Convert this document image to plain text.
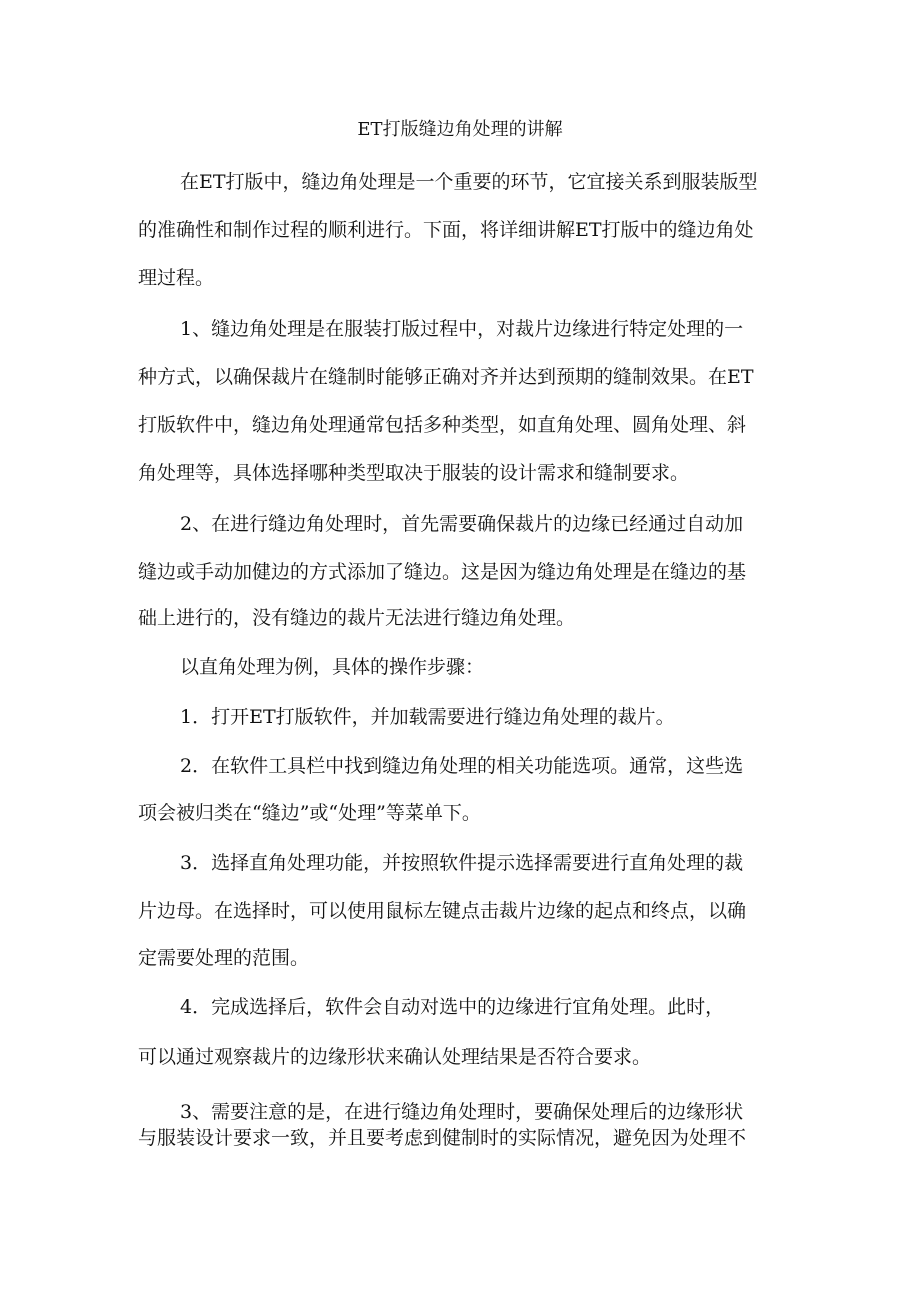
ET打版缝边角处理的讲解

在ET打版中，缝边角处理是一个重要的环节，它宜接关系到服装版型

的准确性和制作过程的顺利进行。下面，将详细讲解ET打版中的缝边角处

理过程。

1、缝边角处理是在服装打版过程中，对裁片边缘进行特定处理的一

种方式，以确保裁片在缝制时能够正确对齐并达到预期的缝制效果。在ET

打版软件中，缝边角处理通常包括多种类型，如直角处理、圆角处理、斜

角处理等，具体选择哪种类型取决于服装的设计需求和缝制要求。

2、在进行缝边角处理时，首先需要确保裁片的边缘已经通过自动加

缝边或手动加健边的方式添加了缝边。这是因为缝边角处理是在缝边的基

础上进行的，没有缝边的裁片无法进行缝边角处理。

以直角处理为例，具体的操作步骤：

1．打开ET打版软件，并加载需要进行缝边角处理的裁片。

2．在软件工具栏中找到缝边角处理的相关功能选项。通常，这些选

项会被归类在“缝边”或“处理”等菜单下。

3．选择直角处理功能，并按照软件提示选择需要进行直角处理的裁

片边母。在选择时，可以使用鼠标左键点击裁片边缘的起点和终点，以确

定需要处理的范围。

4．完成选择后，软件会自动对选中的边缘进行宜角处理。此时，

可以通过观察裁片的边缘形状来确认处理结果是否符合要求。

3、需要注意的是，在进行缝边角处理时，要确保处理后的边缘形状

与服装设计要求一致，并且要考虑到健制时的实际情况，避免因为处理不
